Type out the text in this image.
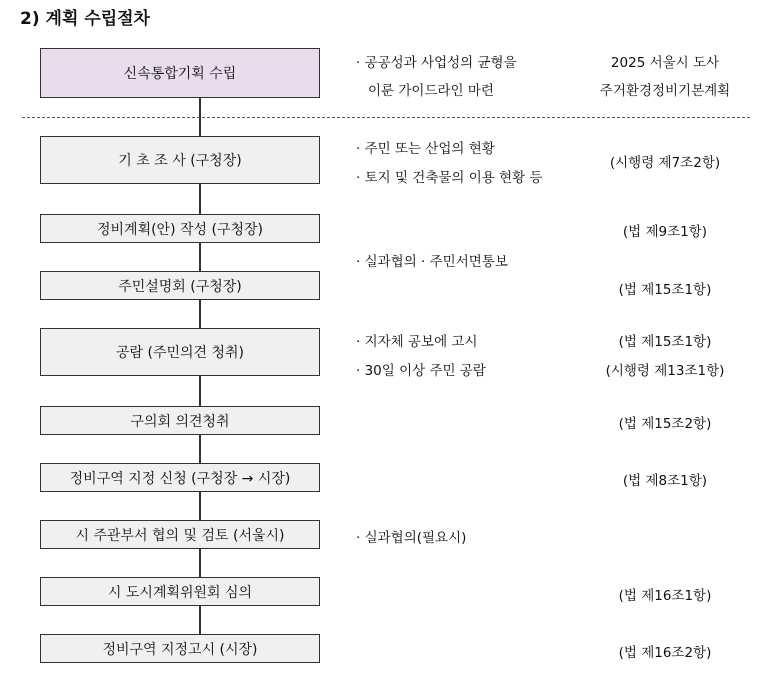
2) 계획 수립절차
신속통합기획 수립
기 초 조 사 (구청장)
정비계획(안) 작성 (구청장)
주민설명회 (구청장)
공람 (주민의견 청취)
구의회 의견청취
정비구역 지정 신청 (구청장 → 시장)
시 주관부서 협의 및 검토 (서울시)
시 도시계획위원회 심의
정비구역 지정고시 (시장)
· 공공성과 사업성의 균형을
이룬 가이드라인 마련
· 주민 또는 산업의 현황
· 토지 및 건축물의 이용 현황 등
· 실과협의 · 주민서면통보
· 지자체 공보에 고시
· 30일 이상 주민 공람
· 실과협의(필요시)
2025 서울시 도사
주거환경정비기본계획
(시행령 제7조2항)
(법 제9조1항)
(법 제15조1항)
(법 제15조1항)
(시행령 제13조1항)
(법 제15조2항)
(법 제8조1항)
(법 제16조1항)
(법 제16조2항)
